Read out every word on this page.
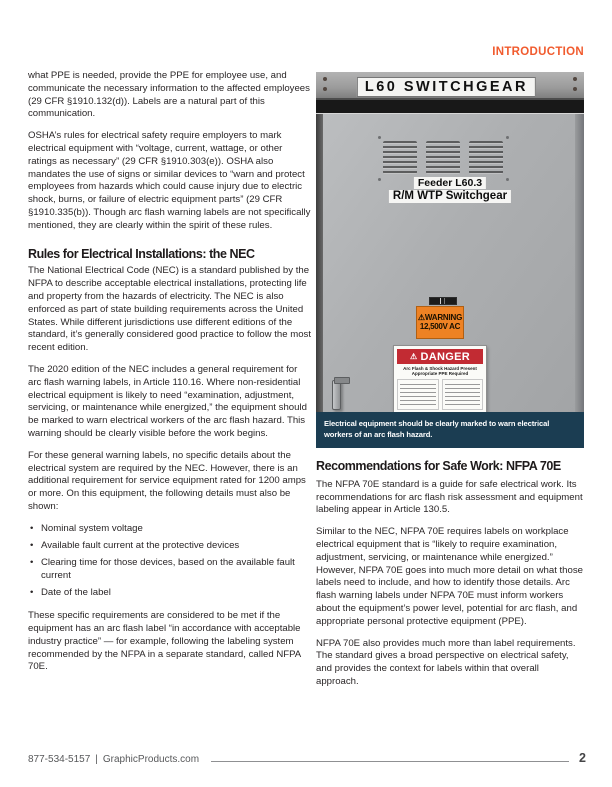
INTRODUCTION

what PPE is needed, provide the PPE for employee use, and communicate the necessary information to the affected employees (29 CFR §1910.132(d)). Labels are a natural part of this communication.

OSHA’s rules for electrical safety require employers to mark electrical equipment with “voltage, current, wattage, or other ratings as necessary” (29 CFR §1910.303(e)). OSHA also mandates the use of signs or similar devices to “warn and protect employees from hazards which could cause injury due to electric shock, burns, or failure of electric equipment parts” (29 CFR §1910.335(b)). Though arc flash warning labels are not specifically mentioned, they are clearly within the spirit of these rules.

Rules for Electrical Installations: the NEC

The National Electrical Code (NEC) is a standard published by the NFPA to describe acceptable electrical installations, protecting life and property from the hazards of electricity. The NEC is also enforced as part of state building requirements across the United States. While different jurisdictions use different editions of the standard, it’s generally considered good practice to follow the most recent edition.

The 2020 edition of the NEC includes a general requirement for arc flash warning labels, in Article 110.16. Where non-residential electrical equipment is likely to need “examination, adjustment, servicing, or maintenance while energized,” the equipment should be marked to warn electrical workers of the arc flash hazard. This warning should be clearly visible before the work begins.

For these general warning labels, no specific details about the electrical system are required by the NEC. However, there is an additional requirement for service equipment rated for 1200 amps or more. On this equipment, the following details must also be shown:

• Nominal system voltage
• Available fault current at the protective devices
• Clearing time for those devices, based on the available fault current
• Date of the label

These specific requirements are considered to be met if the equipment has an arc flash label “in accordance with acceptable industry practice” — for example, following the labeling system recommended by the NFPA in a separate standard, called NFPA 70E.

L60 SWITCHGEAR
Feeder L60.3
R/M WTP Switchgear
⚠WARNING
12,500V AC
⚠ DANGER
Arc Flash & Shock Hazard Present
Appropriate PPE Required
Electrical equipment should be clearly marked to warn electrical workers of an arc flash hazard.
Recommendations for Safe Work: NFPA 70E

The NFPA 70E standard is a guide for safe electrical work. Its recommendations for arc flash risk assessment and equipment labeling appear in Article 130.5.

Similar to the NEC, NFPA 70E requires labels on workplace electrical equipment that is “likely to require examination, adjustment, servicing, or maintenance while energized.” However, NFPA 70E goes into much more detail on what those labels need to include, and how to identify those details. Arc flash warning labels under NFPA 70E must inform workers about the equipment’s power level, potential for arc flash, and appropriate personal protective equipment (PPE).

NFPA 70E also provides much more than label requirements. The standard gives a broad perspective on electrical safety, and provides the context for labels within that overall approach.

877-534-5157 | GraphicProducts.com	2
